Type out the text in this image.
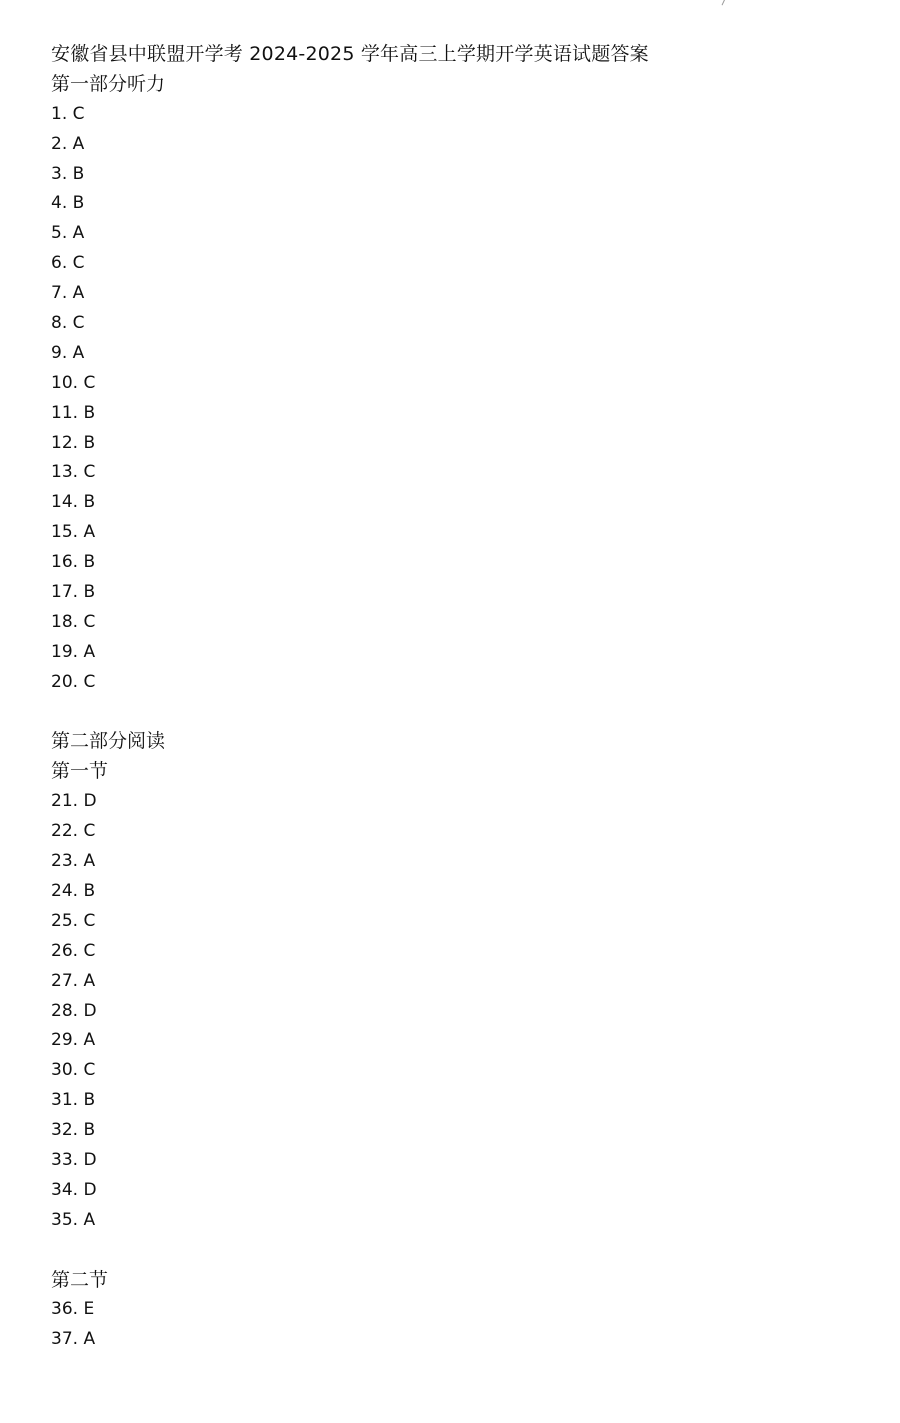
安徽省县中联盟开学考 2024-2025 学年高三上学期开学英语试题答案
第一部分听力
1. C
2. A
3. B
4. B
5. A
6. C
7. A
8. C
9. A
10. C
11. B
12. B
13. C
14. B
15. A
16. B
17. B
18. C
19. A
20. C
第二部分阅读
第一节
21. D
22. C
23. A
24. B
25. C
26. C
27. A
28. D
29. A
30. C
31. B
32. B
33. D
34. D
35. A
第二节
36. E
37. A
